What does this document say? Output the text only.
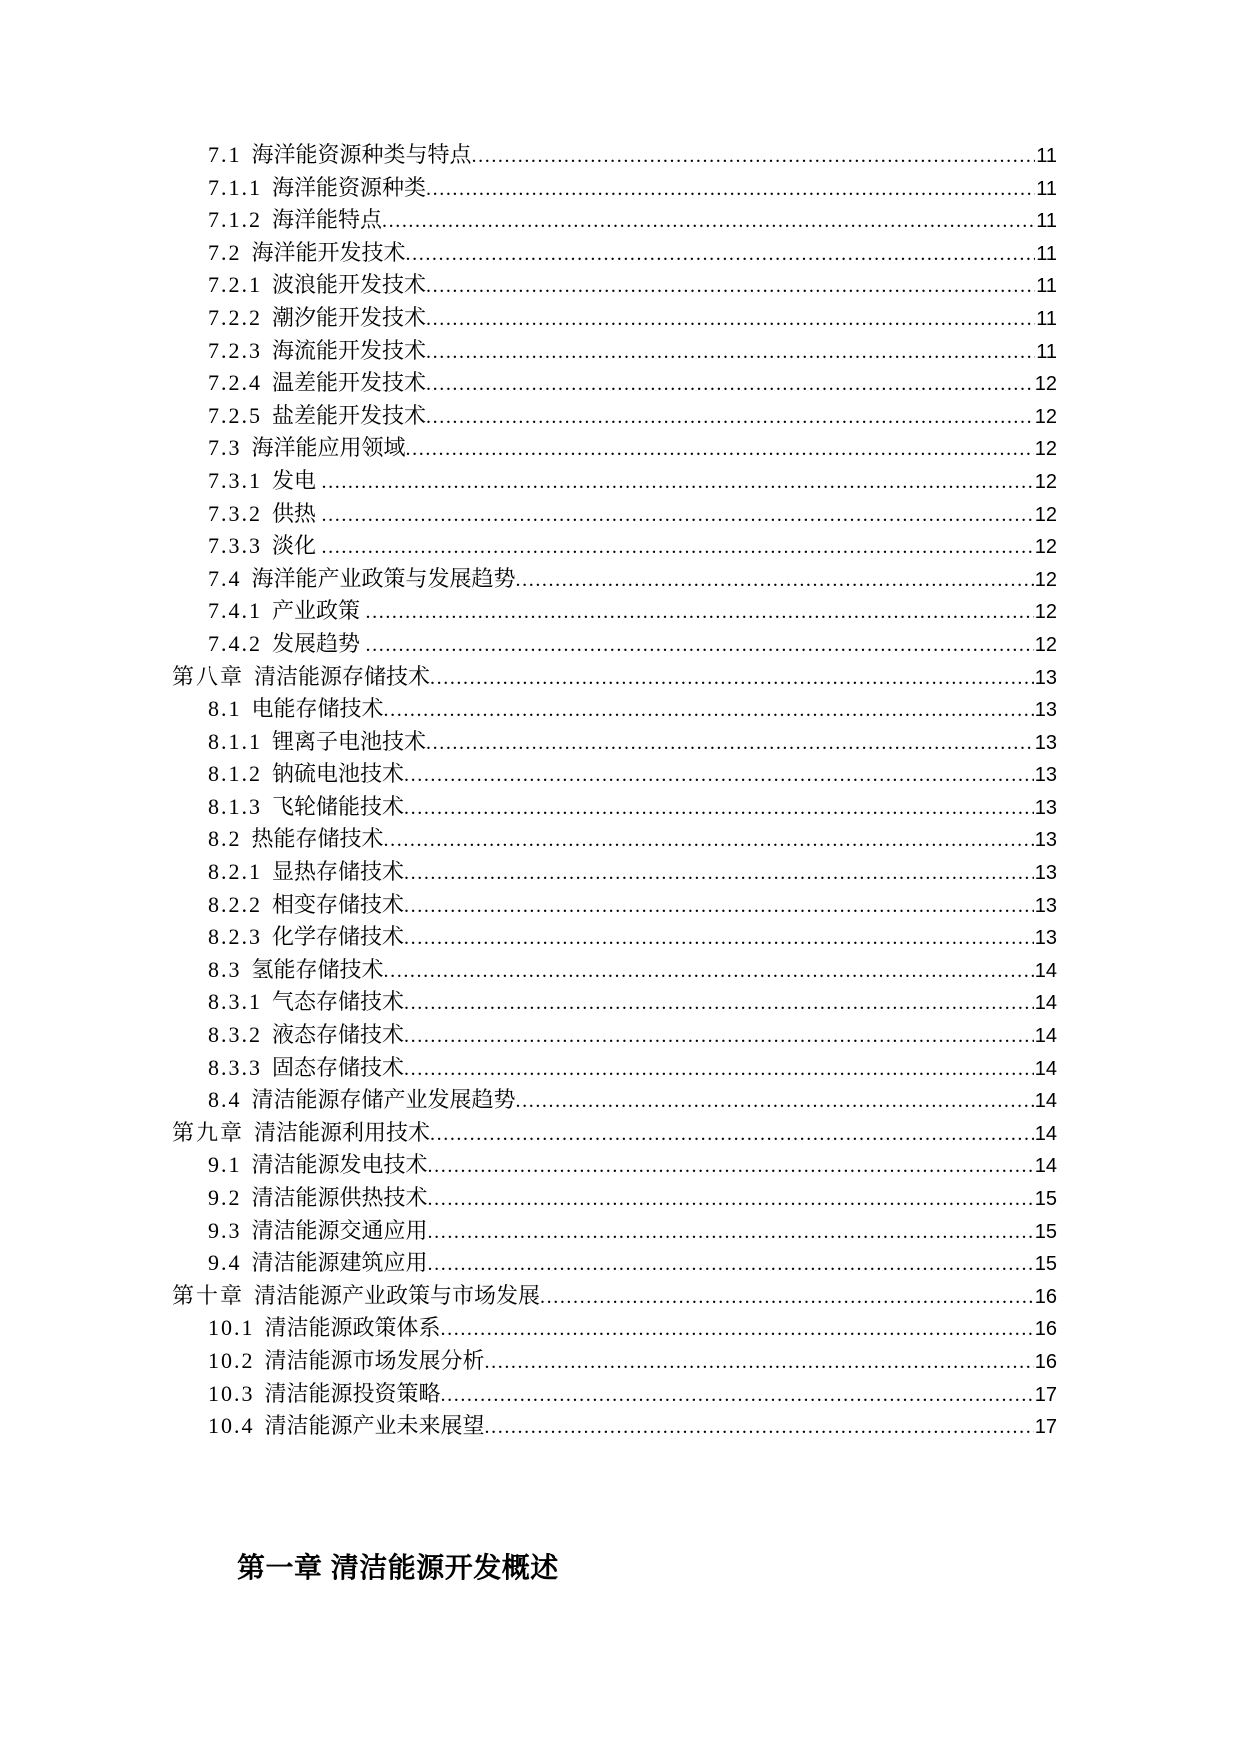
7.1 海洋能资源种类与特点 .....	11
7.1.1 海洋能资源种类 .....	11
7.1.2 海洋能特点 .....	11
7.2 海洋能开发技术 .....	11
7.2.1 波浪能开发技术 .....	11
7.2.2 潮汐能开发技术 .....	11
7.2.3 海流能开发技术 .....	11
7.2.4 温差能开发技术 .....	12
7.2.5 盐差能开发技术 .....	12
7.3 海洋能应用领域 .....	12
7.3.1 发电 .....	12
7.3.2 供热 .....	12
7.3.3 淡化 .....	12
7.4 海洋能产业政策与发展趋势 .....	12
7.4.1 产业政策 .....	12
7.4.2 发展趋势 .....	12
第八章 清洁能源存储技术 .....	13
8.1 电能存储技术 .....	13
8.1.1 锂离子电池技术 .....	13
8.1.2 钠硫电池技术 .....	13
8.1.3 飞轮储能技术 .....	13
8.2 热能存储技术 .....	13
8.2.1 显热存储技术 .....	13
8.2.2 相变存储技术 .....	13
8.2.3 化学存储技术 .....	13
8.3 氢能存储技术 .....	14
8.3.1 气态存储技术 .....	14
8.3.2 液态存储技术 .....	14
8.3.3 固态存储技术 .....	14
8.4 清洁能源存储产业发展趋势 .....	14
第九章 清洁能源利用技术 .....	14
9.1 清洁能源发电技术 .....	14
9.2 清洁能源供热技术 .....	15
9.3 清洁能源交通应用 .....	15
9.4 清洁能源建筑应用 .....	15
第十章 清洁能源产业政策与市场发展 .....	16
10.1 清洁能源政策体系 .....	16
10.2 清洁能源市场发展分析 .....	16
10.3 清洁能源投资策略 .....	17
10.4 清洁能源产业未来展望 .....	17
第一章 清洁能源开发概述
